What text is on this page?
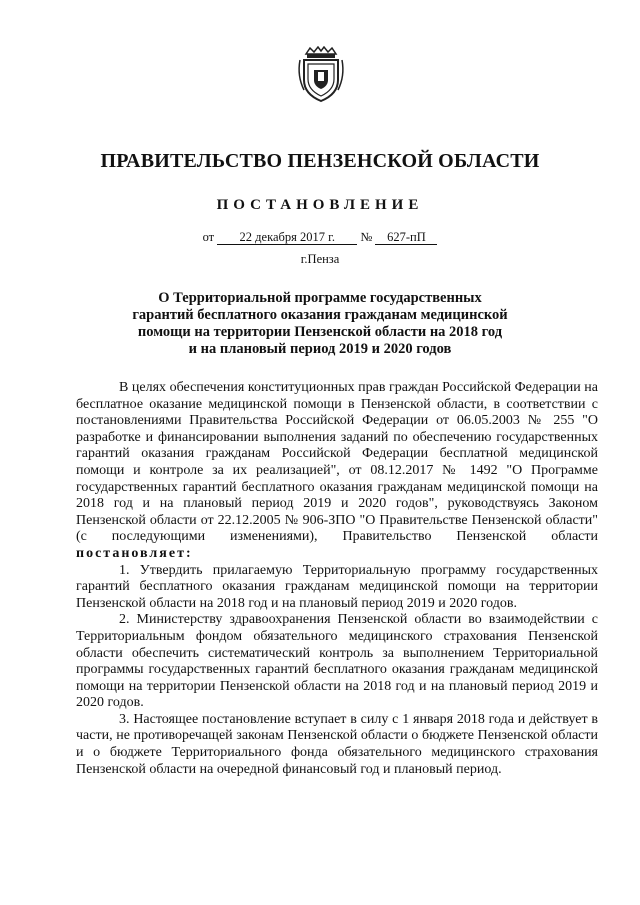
ПРАВИТЕЛЬСТВО ПЕНЗЕНСКОЙ ОБЛАСТИ
ПОСТАНОВЛЕНИЕ
от 22 декабря 2017 г. № 627-пП
г.Пенза
О Территориальной программе государственных
гарантий бесплатного оказания гражданам медицинской
помощи на территории Пензенской области на 2018 год
и на плановый период 2019 и 2020 годов

В целях обеспечения конституционных прав граждан Российской Федерации на бесплатное оказание медицинской помощи в Пензенской области, в соответствии с постановлениями Правительства Российской Федерации от 06.05.2003 № 255 "О разработке и финансировании выполнения заданий по обеспечению государственных гарантий оказания гражданам Российской Федерации бесплатной медицинской помощи и контроле за их реализацией", от 08.12.2017 № 1492 "О Программе государственных гарантий бесплатного оказания гражданам медицинской помощи на 2018 год и на плановый период 2019 и 2020 годов", руководствуясь Законом Пензенской области от 22.12.2005 № 906-ЗПО "О Правительстве Пензенской области" (с последующими изменениями), Правительство Пензенской области постановляет:

1. Утвердить прилагаемую Территориальную программу государственных гарантий бесплатного оказания гражданам медицинской помощи на территории Пензенской области на 2018 год и на плановый период 2019 и 2020 годов.

2. Министерству здравоохранения Пензенской области во взаимодействии с Территориальным фондом обязательного медицинского страхования Пензенской области обеспечить систематический контроль за выполнением Территориальной программы государственных гарантий бесплатного оказания гражданам медицинской помощи на территории Пензенской области на 2018 год и на плановый период 2019 и 2020 годов.

3. Настоящее постановление вступает в силу с 1 января 2018 года и действует в части, не противоречащей законам Пензенской области о бюджете Пензенской области и о бюджете Территориального фонда обязательного медицинского страхования Пензенской области на очередной финансовый год и плановый период.
